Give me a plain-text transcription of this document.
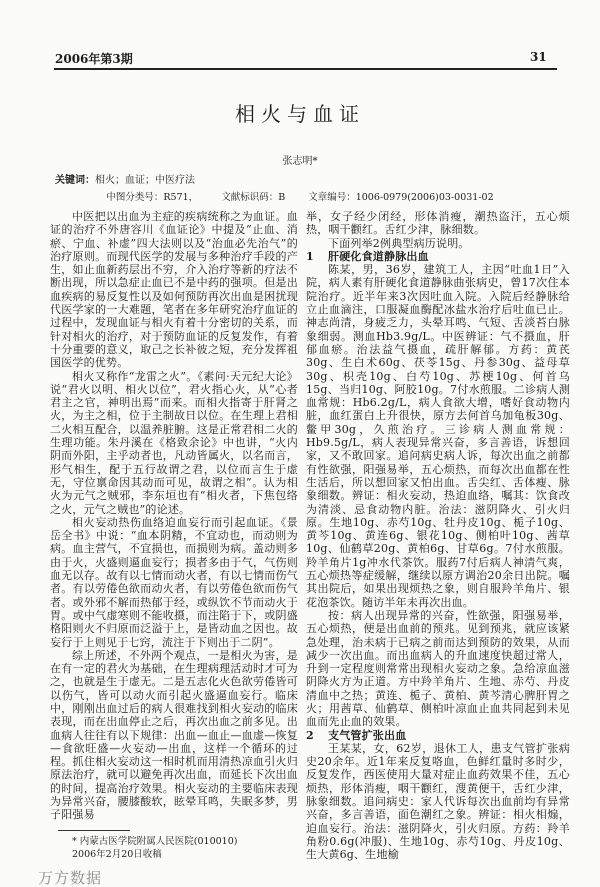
2006年第3期	31
相火与血证
张志明*
关键词：相火；血证；中医疗法
中图分类号：R571， 文献标识码：B 文章编号：1006-0979(2006)03-0031-02

中医把以出血为主症的疾病统称之为血证。血证的治疗不外唐容川《血证论》中提及“止血、消瘀、宁血、补虚”四大法则以及“治血必先治气”的治疗原则。而现代医学的发展与多种治疗手段的产生，如止血新药层出不穷，介入治疗等新的疗法不断出现，所以急症止血已不是中药的强项。但是出血疾病的易反复性以及如何预防再次出血是困扰现代医学家的一大难题，笔者在多年研究治疗血证的过程中，发现血证与相火有着十分密切的关系，而针对相火的治疗，对于预防血证的反复发作，有着十分重要的意义，取己之长补彼之短，充分发挥祖国医学的优势。

相火又称作“龙雷之火”。《素问·天元纪大论》说“君火以明、相火以位”，君火指心火，从“心者君主之官，神明出焉”而来。而相火指寄于肝肾之火，为主之相，位于主制故日以位。在生理上君相二火相互配合，以温养脏腑。这是正常君相二火的生理功能。朱丹溪在《格致余论》中也讲，“火内阴而外阳，主乎动者也，凡动皆属火，以名而言，形气相生，配于五行故谓之君，以位而言生于虚无，守位禀命因其动而可见，故谓之相”。认为相火为元气之贼邪，李东垣也有“相火者，下焦包络之火，元气之贼也”的论述。

相火妄动热伤血络迫血妄行而引起血证。《景岳全书》中说：“血本阴精，不宜动也，而动则为病。血主营气，不宜损也，而损则为病。盖动则多由于火，火盛则逼血妄行；损者多由于气，气伤则血无以存。故有以七情而动火者，有以七情而伤气者。有以劳倦色欲而动火者，有以劳倦色欲而伤气者。或外邪不解而热郁于经，或纵饮不节而动火于胃。或中气虚寒则不能收摄，而注陷于下，或阴盛格阳则火不归原而泛溢于上，是皆动血之因也。故妄行于上则见于七窍，流注于下则出于二阴”。

综上所述，不外两个观点，一是相火为害，是在有一定的君火为基础，在生理病理活动时才可为之，也就是生于虚无。二是五志化火色欲劳倦皆可以伤气，皆可以动火而引起火盛逼血妄行。临床中，刚刚出血过后的病人很难找到相火妄动的临床表现，而在出血停止之后，再次出血之前多见。出血病人往往有以下规律：出血—血止—血虚—恢复—食欲旺盛—火妄动—出血，这样一个循环的过程。抓住相火妄动这一相时机而用清热凉血引火归原法治疗，就可以避免再次出血，而延长下次出血的时间，提高治疗效果。相火妄动的主要临床表现为异常兴奋，腰膝酸软，眩晕耳鸣，失眠多梦，男子阳强易

举，女子经少闭经，形体消瘦，潮热盗汗，五心烦热，咽干颧红。舌红少津，脉细数。

下面列举2例典型病历说明。

1 肝硬化食道静脉出血

陈某，男，36岁，建筑工人，主因“吐血1日”入院，病人素有肝硬化食道静脉曲张病史，曾17次住本院治疗。近半年来3次因吐血入院。入院后经静脉给立止血滴注，口服凝血酶配冰盐水治疗后吐血已止。神志尚清，身疲乏力，头晕耳鸣、气短、舌淡苔白脉象细弱。测血Hb3.9g/L。中医辨证：气不摄血，肝郁血瘀。治法益气摄血，疏肝解郁。方药：黄芪30g、生白术60g、茯苓15g、丹参30g、益母草30g、枳壳10g、白芍10g、苏梗10g、何首乌15g、当归10g、阿胶10g。7付水煎服。二诊病人测血常规：Hb6.2g/L，病人食欲大增，嗜好食动物内脏，血红蛋白上升很快，原方去何首乌加龟板30g、鳖甲30g，久煎治疗。三诊病人测血常规：Hb9.5g/L，病人表现异常兴奋，多言善语，诉想回家，又不敢回家。追问病史病人诉，每次出血之前都有性欲强，阳强易举，五心烦热，而每次出血都在性生活后，所以想回家又怕出血。舌尖红、舌体瘦、脉象细数。辨证：相火妄动，热迫血络，嘱其：饮食改为清淡、忌食动物内脏。治法：滋阴降火、引火归原。生地10g、赤芍10g、牡丹皮10g、栀子10g、黄芩10g、黄连6g、银花10g、侧柏叶10g、茜草10g、仙鹤草20g、黄柏6g、甘草6g。7付水煎服。羚羊角片1g冲水代茶饮。服药7付后病人神清气爽，五心烦热等症缓解，继续以原方调治20余日出院。嘱其出院后，如果出现烦热之象，则自服羚羊角片、银花泡茶饮。随访半年未再次出血。

按：病人出现异常的兴奋，性欲强，阳强易举，五心烦热，便是出血前的预兆。见到预兆，就应该紧急处理，治未病于已病之前而达到预防的效果，从而减少一次出血。而出血病人的升血速度快超过常人，升到一定程度则常常出现相火妄动之象。急给凉血滋阴降火方为正道。方中羚羊角片、生地、赤芍、丹皮清血中之热；黄连、栀子、黄柏、黄芩清心脾肝胃之火；用茜草、仙鹤草、侧柏叶凉血止血共同起到未见血而先止血的效果。

2 支气管扩张出血

王某某，女，62岁，退休工人，患支气管扩张病史20余年。近1年来反复咯血，色鲜红量时多时少，反复发作，西医使用大量对症止血药效果不佳，五心烦热，形体消瘦，咽干颧红，溲黄便干，舌红少津，脉象细数。追问病史：家人代诉每次出血前均有异常兴奋，多言善语，面色潮红之象。辨证：相火相煽，迫血妄行。治法：滋阴降火，引火归原。方药：羚羊角粉0.6g(冲服)、生地10g、赤芍10g、丹皮10g、生大黄6g、生地榆

* 内蒙古医学院附属人民医院(010010)
2006年2月20日收稿
万方数据
